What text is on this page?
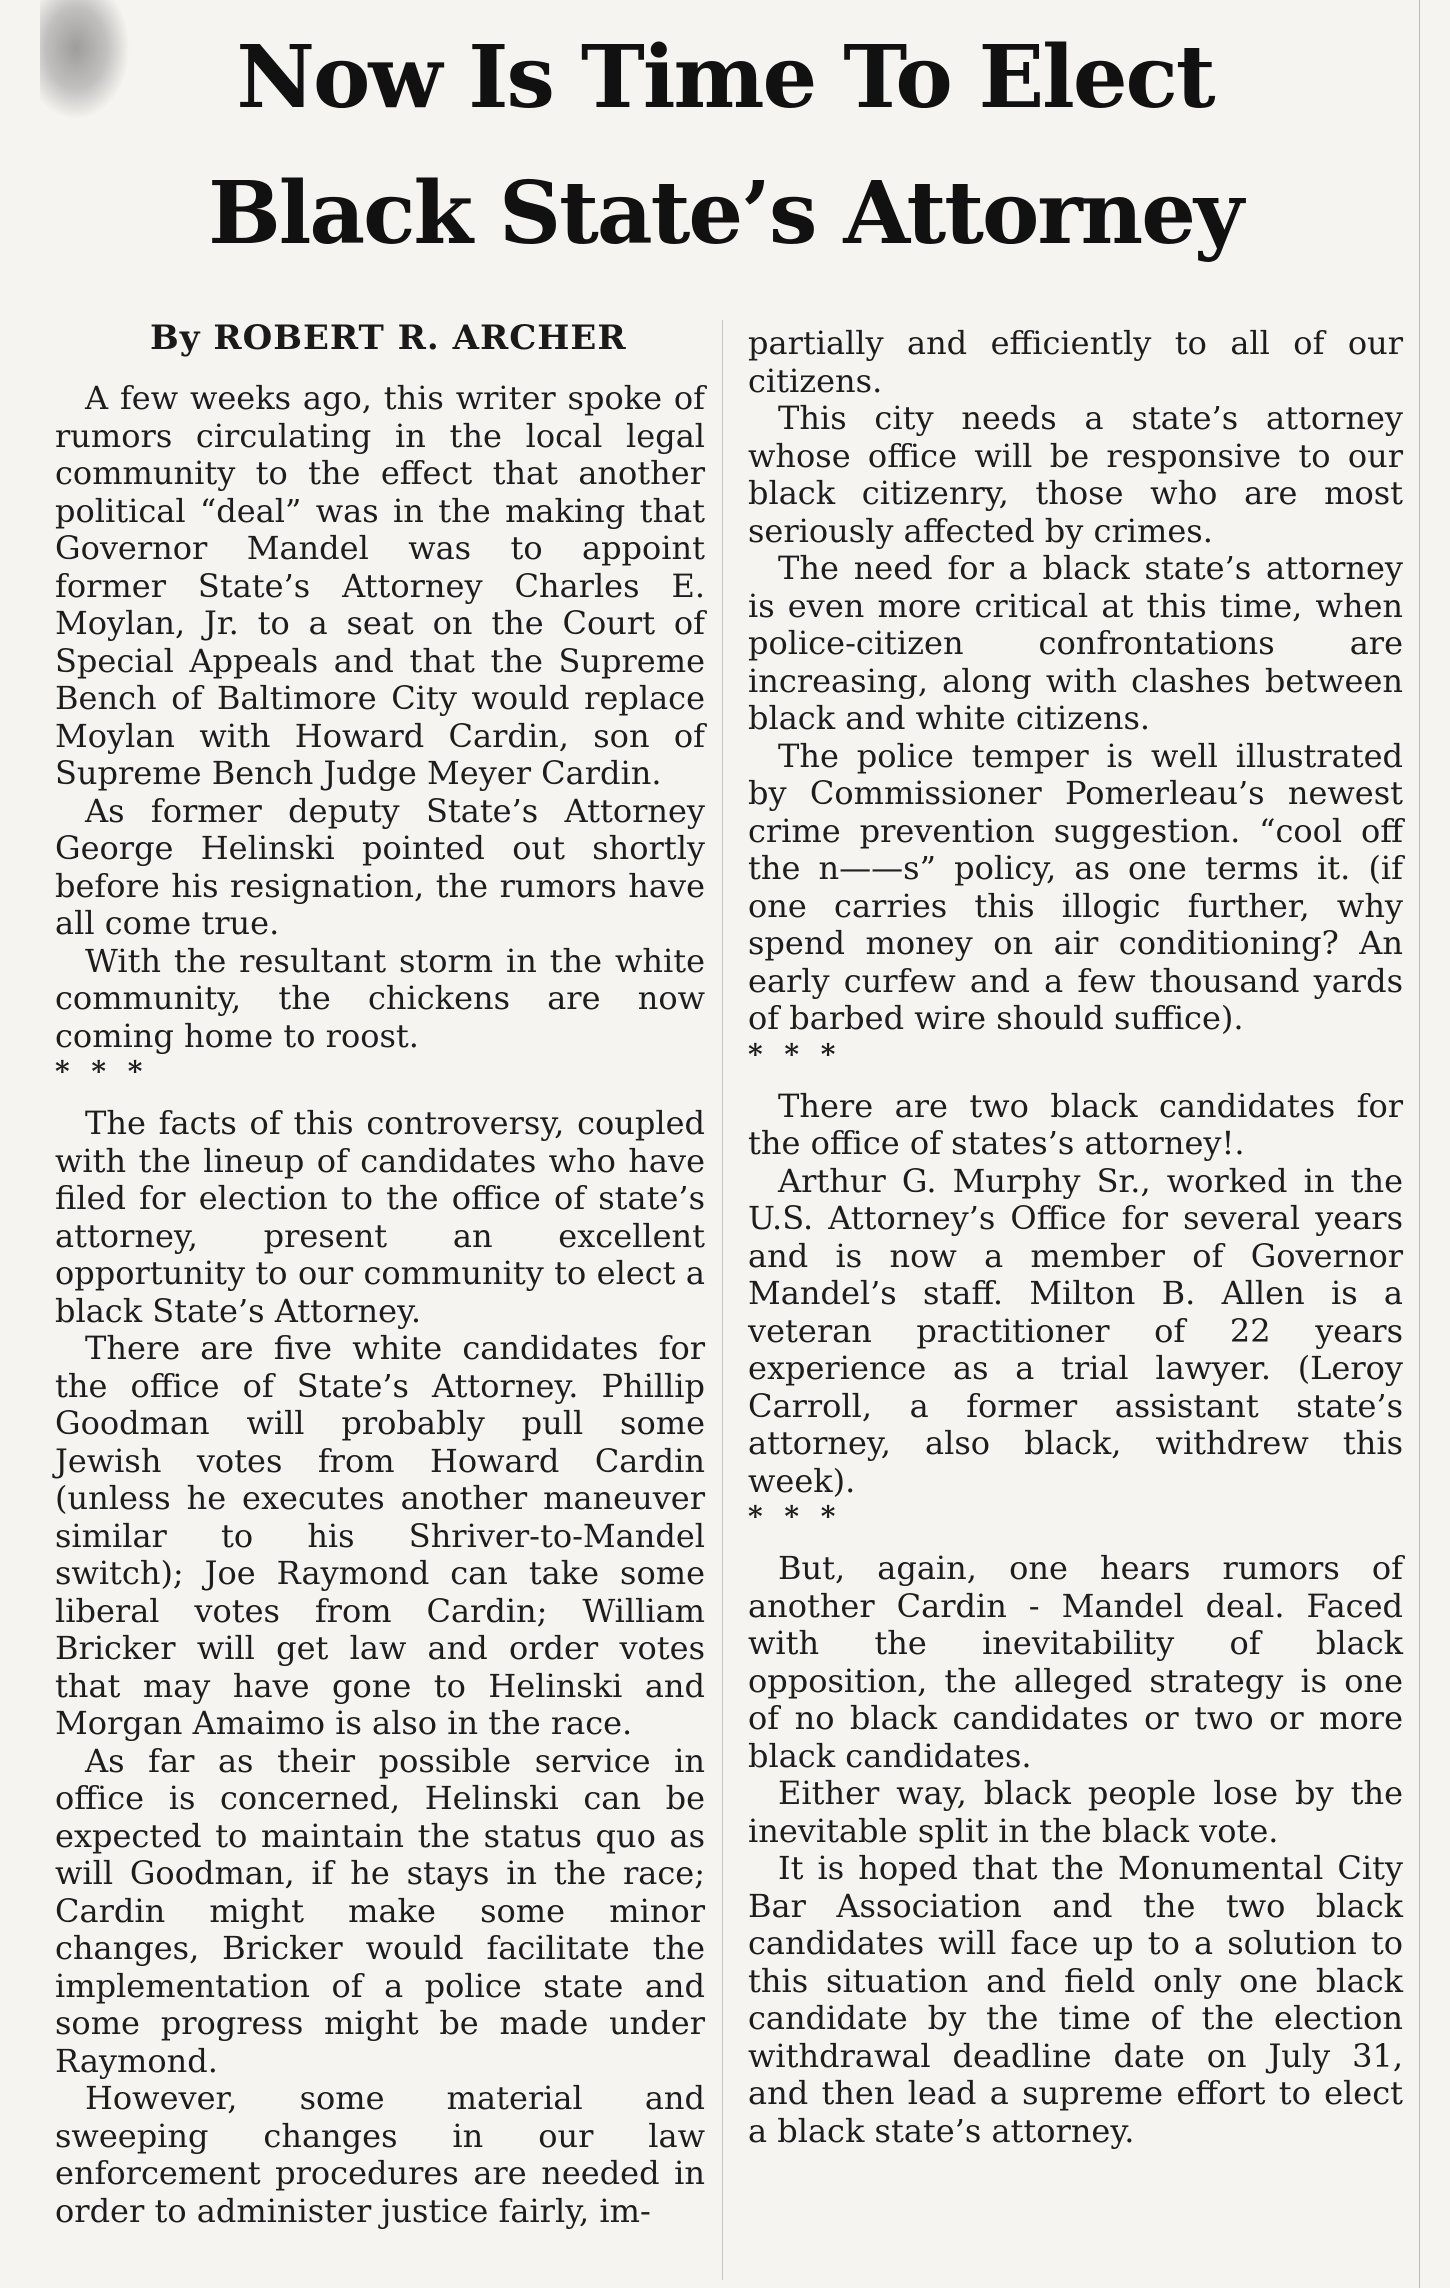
Now Is Time To Elect
Black State’s Attorney
By ROBERT R. ARCHER

A few weeks ago, this writer spoke of rumors circulating in the local legal community to the effect that another political “deal” was in the making that Governor Mandel was to appoint former State’s Attorney Charles E. Moylan, Jr. to a seat on the Court of Special Appeals and that the Supreme Bench of Baltimore City would replace Moylan with Howard Cardin, son of Supreme Bench Judge Meyer Cardin.

As former deputy State’s Attorney George Helinski pointed out shortly before his resignation, the rumors have all come true.

With the resultant storm in the white community, the chickens are now coming home to roost.

* * *

The facts of this controversy, coupled with the lineup of candidates who have filed for election to the office of state’s attorney, present an excellent opportunity to our community to elect a black State’s Attorney.

There are five white candidates for the office of State’s Attorney. Phillip Goodman will probably pull some Jewish votes from Howard Cardin (unless he executes another maneuver similar to his Shriver-to-Mandel switch); Joe Raymond can take some liberal votes from Cardin; William Bricker will get law and order votes that may have gone to Helinski and Morgan Amaimo is also in the race.

As far as their possible service in office is concerned, Helinski can be expected to maintain the status quo as will Goodman, if he stays in the race; Cardin might make some minor changes, Bricker would facilitate the implementation of a police state and some progress might be made under Raymond.

However, some material and sweeping changes in our law enforcement procedures are needed in order to administer justice fairly, im-

partially and efficiently to all of our citizens.

This city needs a state’s attorney whose office will be responsive to our black citizenry, those who are most seriously affected by crimes.

The need for a black state’s attorney is even more critical at this time, when police-citizen confrontations are increasing, along with clashes between black and white citizens.

The police temper is well illustrated by Commissioner Pomerleau’s newest crime prevention suggestion. “cool off the n——s” policy, as one terms it. (if one carries this illogic further, why spend money on air conditioning? An early curfew and a few thousand yards of barbed wire should suffice).

* * *

There are two black candidates for the office of states’s attorney!.

Arthur G. Murphy Sr., worked in the U.S. Attorney’s Office for several years and is now a member of Governor Mandel’s staff. Milton B. Allen is a veteran practitioner of 22 years experience as a trial lawyer. (Leroy Carroll, a former assistant state’s attorney, also black, withdrew this week).

* * *

But, again, one hears rumors of another Cardin - Mandel deal. Faced with the inevitability of black opposition, the alleged strategy is one of no black candidates or two or more black candidates.

Either way, black people lose by the inevitable split in the black vote.

It is hoped that the Monumental City Bar Association and the two black candidates will face up to a solution to this situation and field only one black candidate by the time of the election withdrawal deadline date on July 31, and then lead a supreme effort to elect a black state’s attorney.
